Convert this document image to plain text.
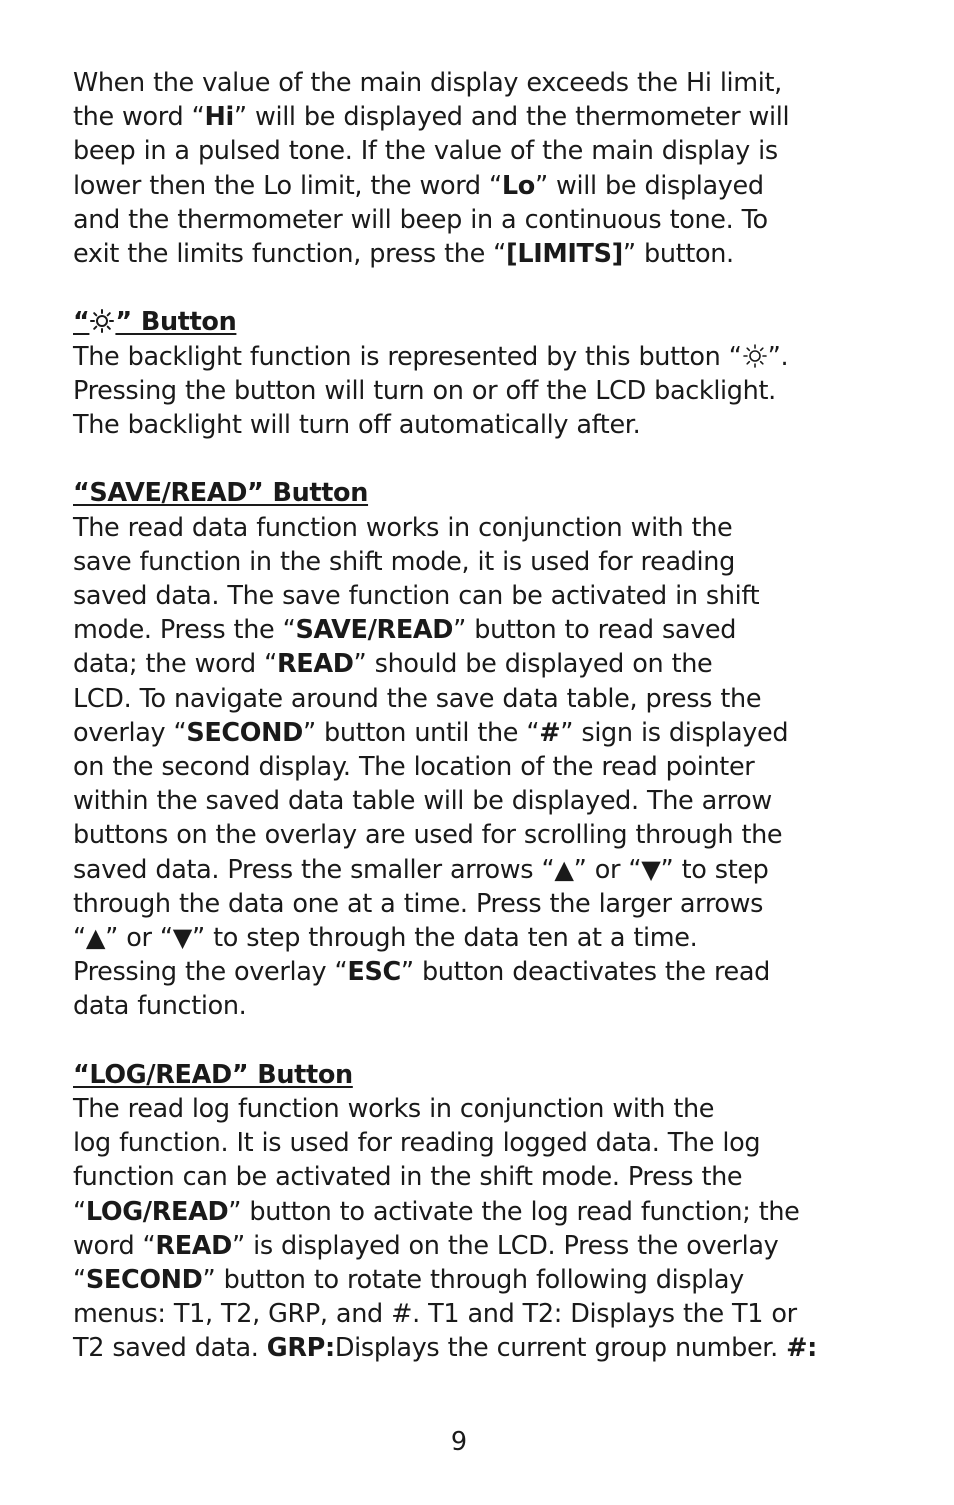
When the value of the main display exceeds the Hi limit,

the word “Hi” will be displayed and the thermometer will

beep in a pulsed tone. If the value of the main display is

lower then the Lo limit, the word “Lo” will be displayed

and the thermometer will beep in a continuous tone. To

exit the limits function, press the “[LIMITS]” button.

“ ” Button

The backlight function is represented by this button “ ”.

Pressing the button will turn on or off the LCD backlight.

The backlight will turn off automatically after.

“SAVE/READ” Button

The read data function works in conjunction with the

save function in the shift mode, it is used for reading

saved data. The save function can be activated in shift

mode. Press the “SAVE/READ” button to read saved

data; the word “READ” should be displayed on the

LCD. To navigate around the save data table, press the

overlay “SECOND” button until the “#” sign is displayed

on the second display. The location of the read pointer

within the saved data table will be displayed. The arrow

buttons on the overlay are used for scrolling through the

saved data. Press the smaller arrows “▲” or “▼” to step

through the data one at a time. Press the larger arrows

“▲” or “▼” to step through the data ten at a time.

Pressing the overlay “ESC” button deactivates the read

data function.

“LOG/READ” Button

The read log function works in conjunction with the

log function. It is used for reading logged data. The log

function can be activated in the shift mode. Press the

“LOG/READ” button to activate the log read function; the

word “READ” is displayed on the LCD. Press the overlay

“SECOND” button to rotate through following display

menus: T1, T2, GRP, and #. T1 and T2: Displays the T1 or

T2 saved data. GRP:Displays the current group number. #:

9
